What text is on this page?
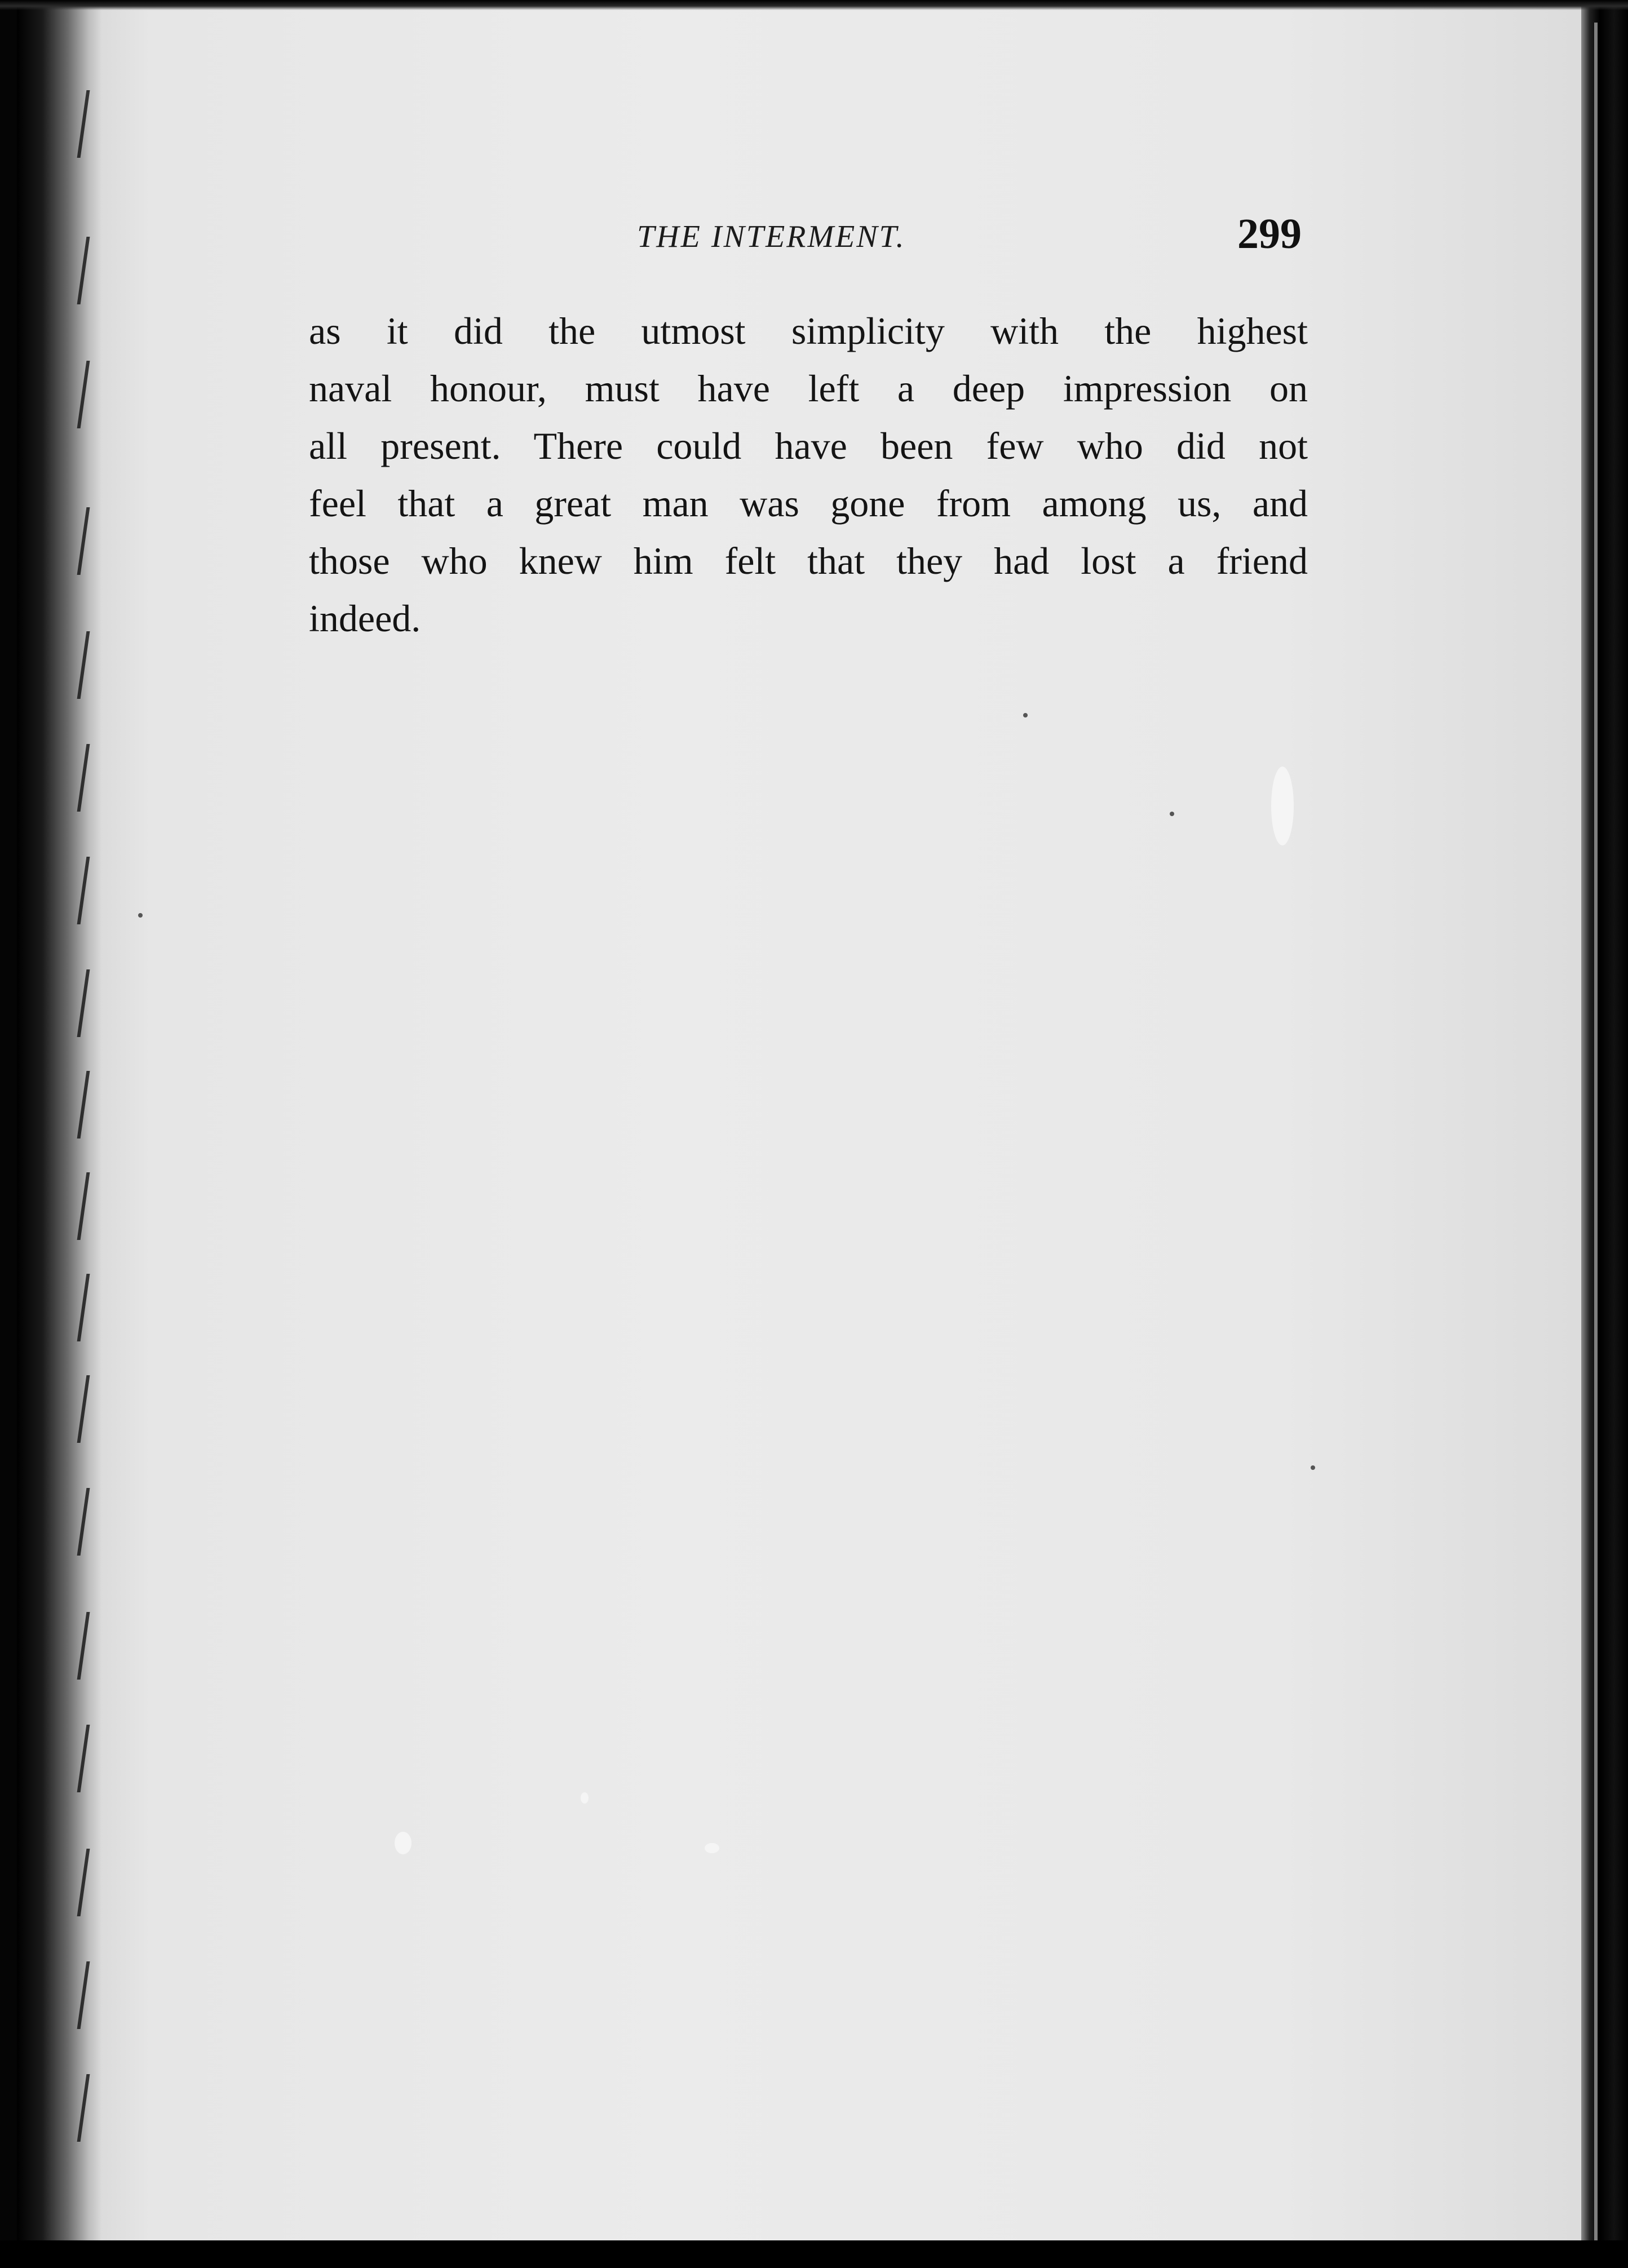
THE INTERMENT.	299
as it did the utmost simplicity with the highest
naval honour, must have left a deep impression on
all present. There could have been few who did not
feel that a great man was gone from among us, and
those who knew him felt that they had lost a friend
indeed.
